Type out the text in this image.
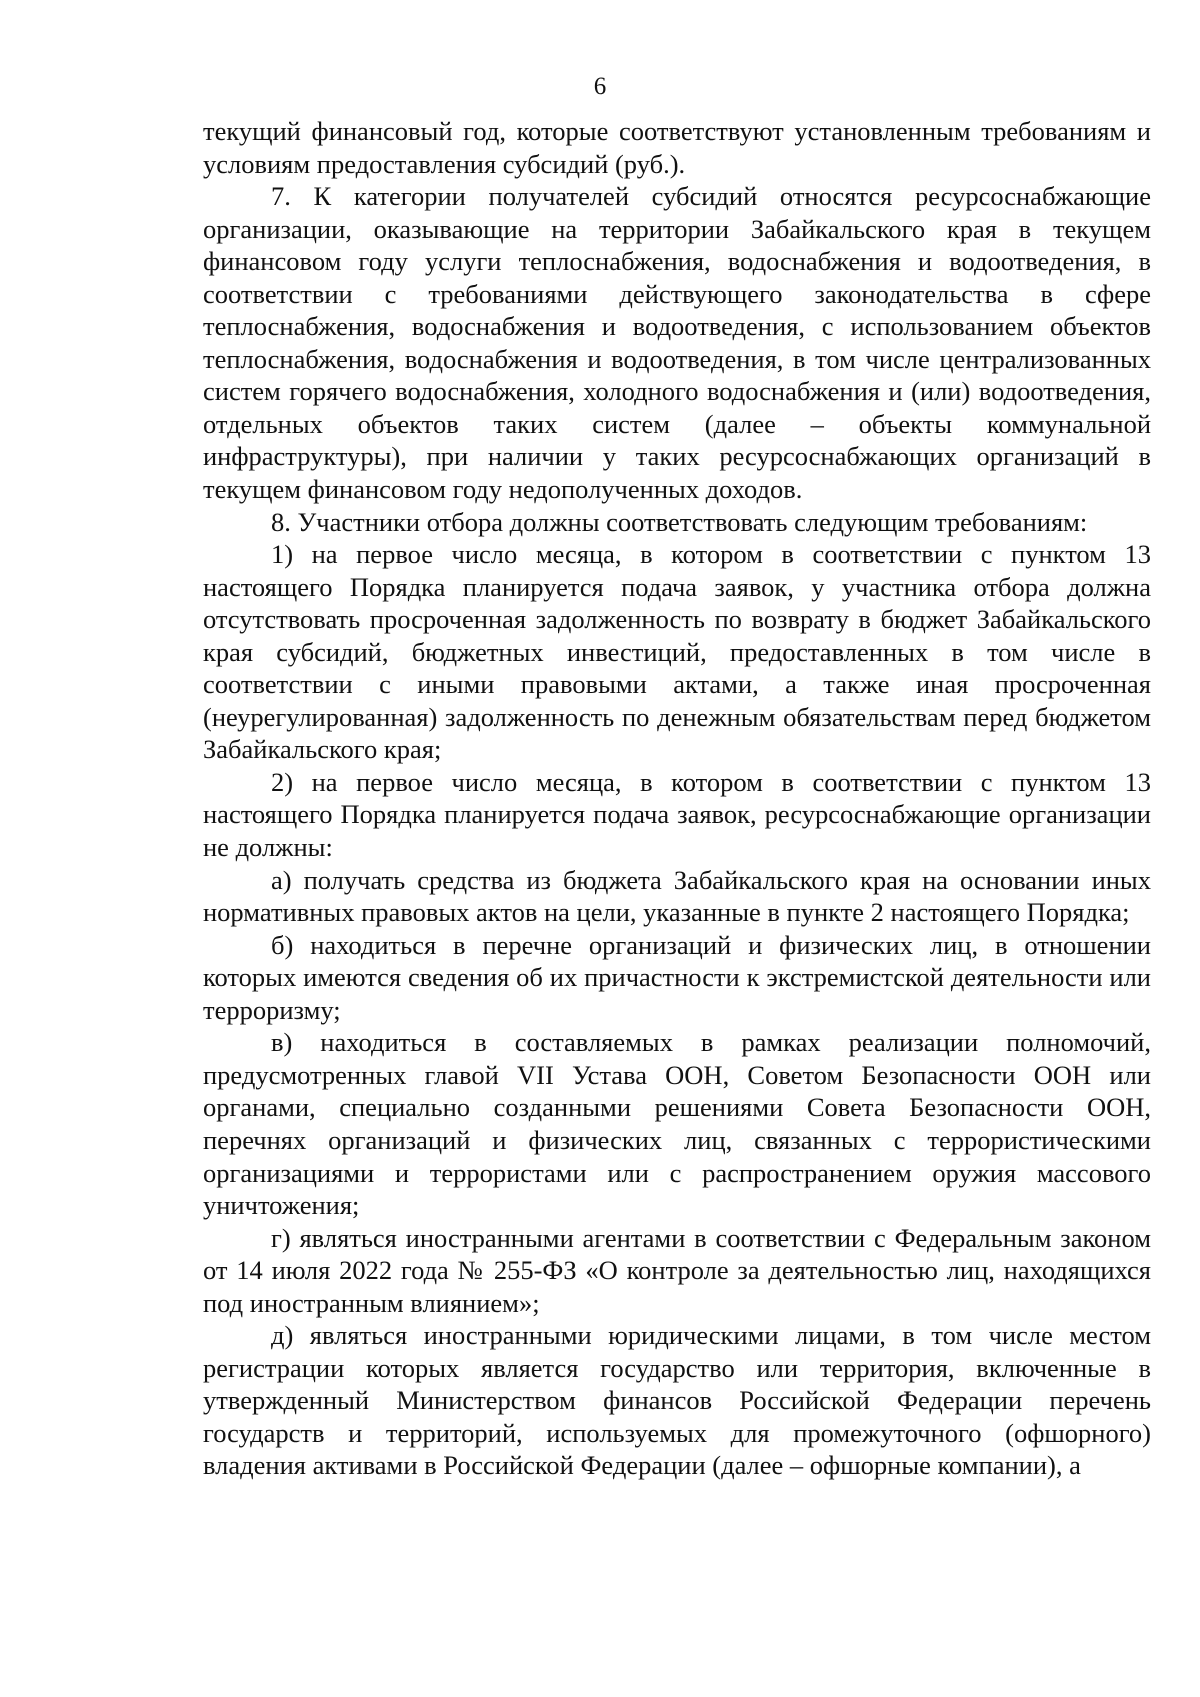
6

текущий финансовый год, которые соответствуют установленным требованиям и условиям предоставления субсидий (руб.).

7. К категории получателей субсидий относятся ресурсоснабжающие организации, оказывающие на территории Забайкальского края в текущем финансовом году услуги теплоснабжения, водоснабжения и водоотведения, в соответствии с требованиями действующего законодательства в сфере теплоснабжения, водоснабжения и водоотведения, с использованием объектов теплоснабжения, водоснабжения и водоотведения, в том числе централизованных систем горячего водоснабжения, холодного водоснабжения и (или) водоотведения, отдельных объектов таких систем (далее – объекты коммунальной инфраструктуры), при наличии у таких ресурсоснабжающих организаций в текущем финансовом году недополученных доходов.

8. Участники отбора должны соответствовать следующим требованиям:

1) на первое число месяца, в котором в соответствии с пунктом 13 настоящего Порядка планируется подача заявок, у участника отбора должна отсутствовать просроченная задолженность по возврату в бюджет Забайкальского края субсидий, бюджетных инвестиций, предоставленных в том числе в соответствии с иными правовыми актами, а также иная просроченная (неурегулированная) задолженность по денежным обязательствам перед бюджетом Забайкальского края;

2) на первое число месяца, в котором в соответствии с пунктом 13 настоящего Порядка планируется подача заявок, ресурсоснабжающие организации не должны:

а) получать средства из бюджета Забайкальского края на основании иных нормативных правовых актов на цели, указанные в пункте 2 настоящего Порядка;

б) находиться в перечне организаций и физических лиц, в отношении которых имеются сведения об их причастности к экстремистской деятельности или терроризму;

в) находиться в составляемых в рамках реализации полномочий, предусмотренных главой VII Устава ООН, Советом Безопасности ООН или органами, специально созданными решениями Совета Безопасности ООН, перечнях организаций и физических лиц, связанных с террористическими организациями и террористами или с распространением оружия массового уничтожения;

г) являться иностранными агентами в соответствии с Федеральным законом от 14 июля 2022 года № 255-ФЗ «О контроле за деятельностью лиц, находящихся под иностранным влиянием»;

д) являться иностранными юридическими лицами, в том числе местом регистрации которых является государство или территория, включенные в утвержденный Министерством финансов Российской Федерации перечень государств и территорий, используемых для промежуточного (офшорного) владения активами в Российской Федерации (далее – офшорные компании), а
